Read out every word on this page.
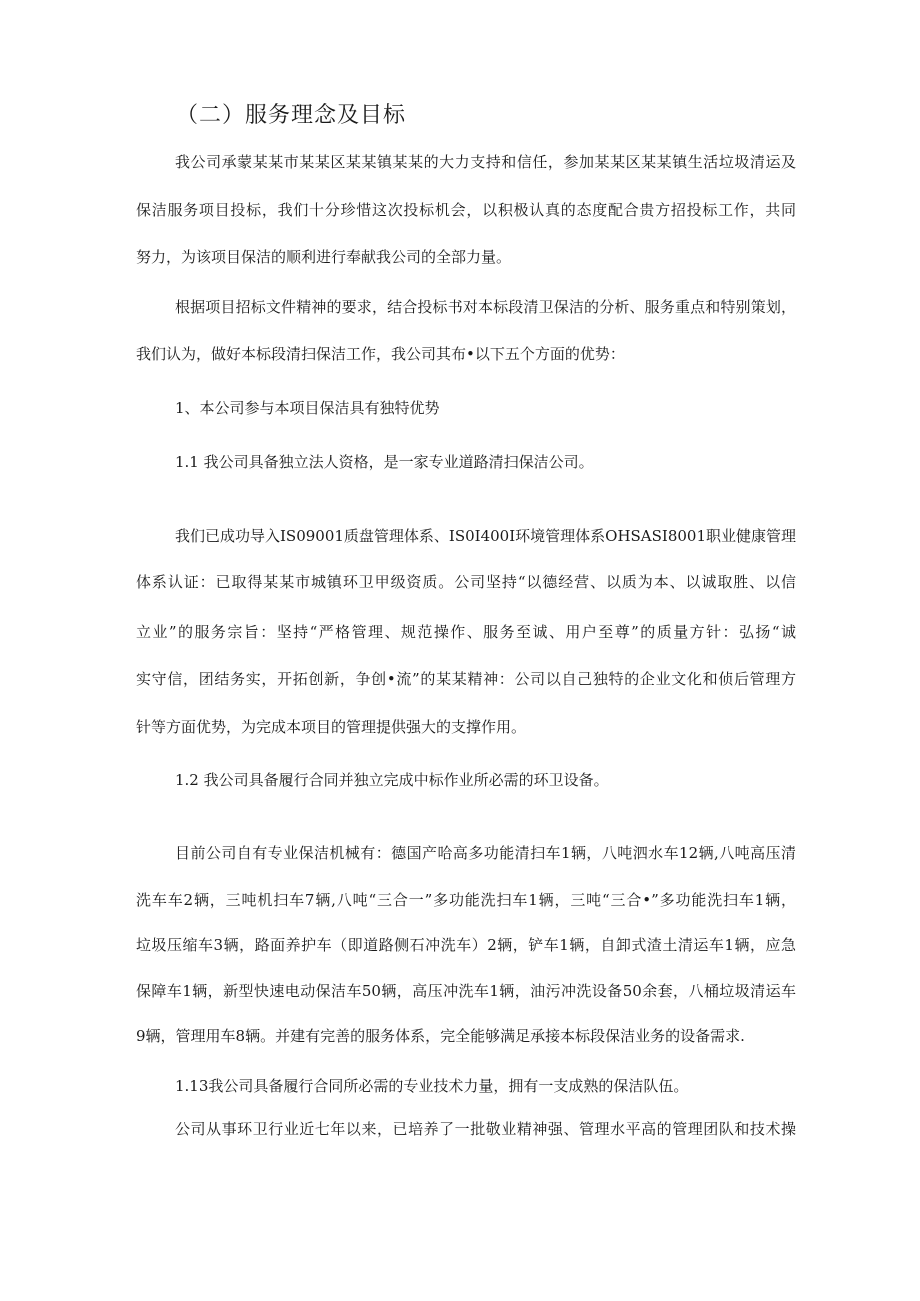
（二）服务理念及目标
我公司承蒙某某巿某某区某某镇某某的大力支持和信任，参加某某区某某镇生活垃圾清运及
保洁服务项目投标，我们十分珍惜这次投标机会，以积极认真的态度配合贵方招投标工作，共同
努力，为该项目保洁的顺利进行奉献我公司的全部力量。
根据项目招标文件精神的要求，结合投标书对本标段清卫保洁的分析、服务重点和特别策划，
我们认为，做好本标段清扫保洁工作，我公司其布•以下五个方面的优势：
1、本公司参与本项目保洁具有独特优势
1.1 我公司具备独立法人资格，是一家专业道路清扫保洁公司。
我们已成功导入IS09001质盘管理体系、IS0I400I环境管理体系OHSASI8001职业健康管理
体系认证：已取得某某市城镇环卫甲级资质。公司坚持“以德经营、以质为本、以诚取胜、以信
立业”的服务宗旨：坚持“严格管理、规范操作、服务至诚、用户至尊”的质量方针：弘扬“诚
实守信，团结务实，开拓创新，争创•流”的某某精神：公司以自己独特的企业文化和侦后管理方
针等方面优势，为完成本项目的管理提供强大的支撑作用。
1.2 我公司具备履行合同并独立完成中标作业所必需的环卫设备。
目前公司自有专业保洁机械有：德国产哈高多功能清扫车1辆，八吨泗水车12辆,八吨高压清
洗车车2辆，三吨机扫车7辆,八吨“三合一”多功能洗扫车1辆，三吨“三合•”多功能洗扫车1辆，
垃圾压缩车3辆，路面养护车（即道路侧石冲洗车）2辆，铲车1辆，自卸式渣土清运车1辆，应急
保障车1辆，新型快速电动保洁车50辆，高压冲洗车1辆，油污冲洗设备50余套，八桶垃圾清运车
9辆，管理用车8辆。并建有完善的服务体系，完全能够满足承接本标段保洁业务的设备需求.
1.13我公司具备履行合同所必需的专业技术力量，拥有一支成熟的保洁队伍。
公司从事环卫行业近七年以来，已培养了一批敬业精神强、管理水平高的管理团队和技术操
